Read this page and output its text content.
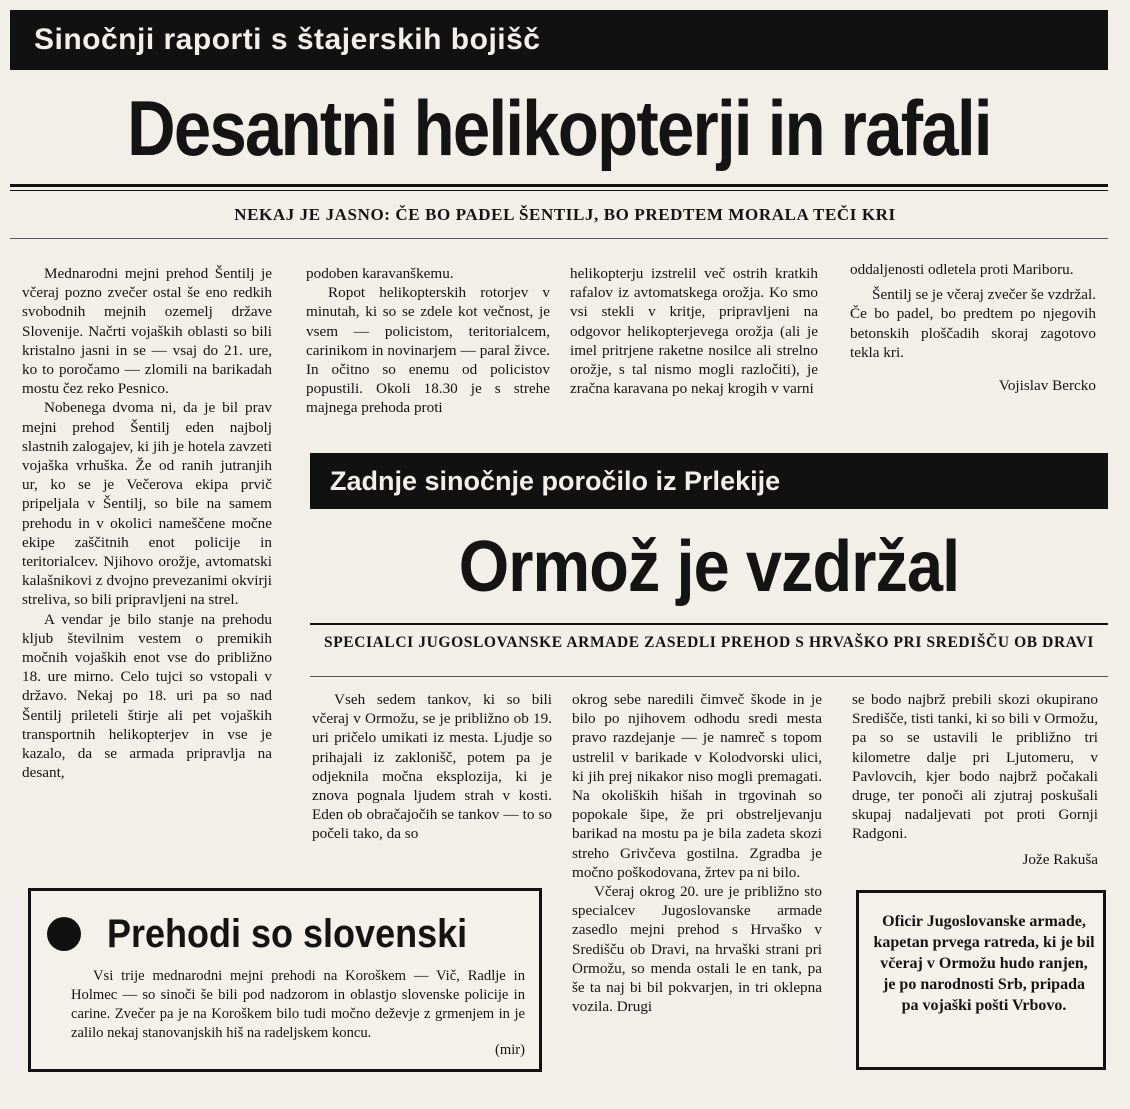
Sinočnji raporti s štajerskih bojišč
Desantni helikopterji in rafali
NEKAJ JE JASNO: ČE BO PADEL ŠENTILJ, BO PREDTEM MORALA TEČI KRI

Mednarodni mejni prehod Šentilj je včeraj pozno zvečer ostal še eno redkih svobodnih mejnih ozemelj države Slovenije. Načrti vojaških oblasti so bili kristalno jasni in se — vsaj do 21. ure, ko to poročamo — zlomili na barikadah mostu čez reko Pesnico.

Nobenega dvoma ni, da je bil prav mejni prehod Šentilj eden najbolj slastnih zalogajev, ki jih je hotela zavzeti vojaška vrhuška. Že od ranih jutranjih ur, ko se je Večerova ekipa prvič pripeljala v Šentilj, so bile na samem prehodu in v okolici nameščene močne ekipe zaščitnih enot policije in teritorialcev. Njihovo orožje, avtomatski kalašnikovi z dvojno prevezanimi okvirji streliva, so bili pripravljeni na strel.

A vendar je bilo stanje na prehodu kljub številnim vestem o premikih močnih vojaških enot vse do približno 18. ure mirno. Celo tujci so vstopali v državo. Nekaj po 18. uri pa so nad Šentilj prileteli štirje ali pet vojaških transportnih helikopterjev in vse je kazalo, da se armada pripravlja na desant,

podoben karavanškemu.

Ropot helikopterskih rotorjev v minutah, ki so se zdele kot večnost, je vsem — policistom, teritorialcem, carinikom in novinarjem — paral živce. In očitno so enemu od policistov popustili. Okoli 18.30 je s strehe majnega prehoda proti

helikopterju izstrelil več ostrih kratkih rafalov iz avtomatskega orožja. Ko smo vsi stekli v kritje, pripravljeni na odgovor helikopterjevega orožja (ali je imel pritrjene raketne nosilce ali strelno orožje, s tal nismo mogli razločiti), je zračna karavana po nekaj krogih v varni

oddaljenosti odletela proti Mariboru.

Šentilj se je včeraj zvečer še vzdržal. Če bo padel, bo predtem po njegovih betonskih ploščadih skoraj zagotovo tekla kri.

Vojislav Bercko

Zadnje sinočnje poročilo iz Prlekije
Ormož je vzdržal
SPECIALCI JUGOSLOVANSKE ARMADE ZASEDLI PREHOD S HRVAŠKO PRI SREDIŠČU OB DRAVI

Vseh sedem tankov, ki so bili včeraj v Ormožu, se je približno ob 19. uri pričelo umikati iz mesta. Ljudje so prihajali iz zaklonišč, potem pa je odjeknila močna eksplozija, ki je znova pognala ljudem strah v kosti. Eden ob obračajočih se tankov — to so počeli tako, da so

okrog sebe naredili čimveč škode in je bilo po njihovem odhodu sredi mesta pravo razdejanje — je namreč s topom ustrelil v barikade v Kolodvorski ulici, ki jih prej nikakor niso mogli premagati. Na okoliških hišah in trgovinah so popokale šipe, že pri obstreljevanju barikad na mostu pa je bila zadeta skozi streho Grivčeva gostilna. Zgradba je močno poškodovana, žrtev pa ni bilo.

Včeraj okrog 20. ure je približno sto specialcev Jugoslovanske armade zasedlo mejni prehod s Hrvaško v Središču ob Dravi, na hrvaški strani pri Ormožu, so menda ostali le en tank, pa še ta naj bi bil pokvarjen, in tri oklepna vozila. Drugi

se bodo najbrž prebili skozi okupirano Središče, tisti tanki, ki so bili v Ormožu, pa so se ustavili le približno tri kilometre dalje pri Ljutomeru, v Pavlovcih, kjer bodo najbrž počakali druge, ter ponoči ali zjutraj poskušali skupaj nadaljevati pot proti Gornji Radgoni.

Jože Rakuša

Prehodi so slovenski

Vsi trije mednarodni mejni prehodi na Koroškem — Vič, Radlje in Holmec — so sinoči še bili pod nadzorom in oblastjo slovenske policije in carine. Zvečer pa je na Koroškem bilo tudi močno deževje z grmenjem in je zalilo nekaj stanovanjskih hiš na radeljskem koncu.

(mir)

Oficir Jugoslovanske armade, kapetan prvega ratreda, ki je bil včeraj v Ormožu hudo ranjen, je po narodnosti Srb, pripada pa vojaški pošti Vrbovo.
